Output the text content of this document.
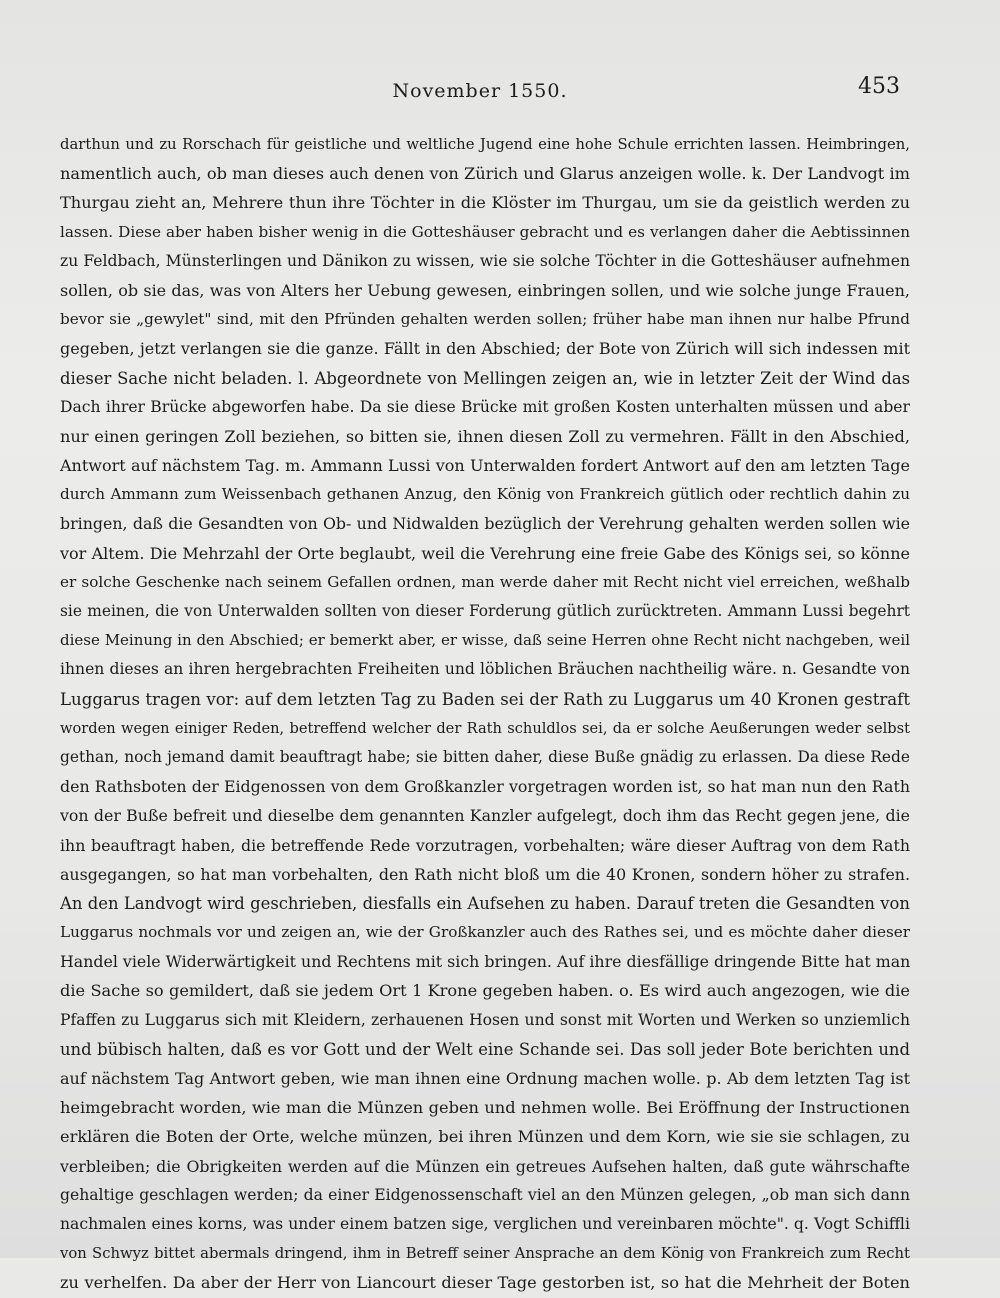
November 1550.	453
darthun und zu Rorschach für geistliche und weltliche Jugend eine hohe Schule errichten lassen. Heimbringen,
namentlich auch, ob man dieses auch denen von Zürich und Glarus anzeigen wolle. k. Der Landvogt im
Thurgau zieht an, Mehrere thun ihre Töchter in die Klöster im Thurgau, um sie da geistlich werden zu
lassen. Diese aber haben bisher wenig in die Gotteshäuser gebracht und es verlangen daher die Aebtissinnen
zu Feldbach, Münsterlingen und Dänikon zu wissen, wie sie solche Töchter in die Gotteshäuser aufnehmen
sollen, ob sie das, was von Alters her Uebung gewesen, einbringen sollen, und wie solche junge Frauen,
bevor sie „gewylet" sind, mit den Pfründen gehalten werden sollen; früher habe man ihnen nur halbe Pfrund
gegeben, jetzt verlangen sie die ganze. Fällt in den Abschied; der Bote von Zürich will sich indessen mit
dieser Sache nicht beladen. l. Abgeordnete von Mellingen zeigen an, wie in letzter Zeit der Wind das
Dach ihrer Brücke abgeworfen habe. Da sie diese Brücke mit großen Kosten unterhalten müssen und aber
nur einen geringen Zoll beziehen, so bitten sie, ihnen diesen Zoll zu vermehren. Fällt in den Abschied,
Antwort auf nächstem Tag. m. Ammann Lussi von Unterwalden fordert Antwort auf den am letzten Tage
durch Ammann zum Weissenbach gethanen Anzug, den König von Frankreich gütlich oder rechtlich dahin zu
bringen, daß die Gesandten von Ob- und Nidwalden bezüglich der Verehrung gehalten werden sollen wie
vor Altem. Die Mehrzahl der Orte beglaubt, weil die Verehrung eine freie Gabe des Königs sei, so könne
er solche Geschenke nach seinem Gefallen ordnen, man werde daher mit Recht nicht viel erreichen, weßhalb
sie meinen, die von Unterwalden sollten von dieser Forderung gütlich zurücktreten. Ammann Lussi begehrt
diese Meinung in den Abschied; er bemerkt aber, er wisse, daß seine Herren ohne Recht nicht nachgeben, weil
ihnen dieses an ihren hergebrachten Freiheiten und löblichen Bräuchen nachtheilig wäre. n. Gesandte von
Luggarus tragen vor: auf dem letzten Tag zu Baden sei der Rath zu Luggarus um 40 Kronen gestraft
worden wegen einiger Reden, betreffend welcher der Rath schuldlos sei, da er solche Aeußerungen weder selbst
gethan, noch jemand damit beauftragt habe; sie bitten daher, diese Buße gnädig zu erlassen. Da diese Rede
den Rathsboten der Eidgenossen von dem Großkanzler vorgetragen worden ist, so hat man nun den Rath
von der Buße befreit und dieselbe dem genannten Kanzler aufgelegt, doch ihm das Recht gegen jene, die
ihn beauftragt haben, die betreffende Rede vorzutragen, vorbehalten; wäre dieser Auftrag von dem Rath
ausgegangen, so hat man vorbehalten, den Rath nicht bloß um die 40 Kronen, sondern höher zu strafen.
An den Landvogt wird geschrieben, diesfalls ein Aufsehen zu haben. Darauf treten die Gesandten von
Luggarus nochmals vor und zeigen an, wie der Großkanzler auch des Rathes sei, und es möchte daher dieser
Handel viele Widerwärtigkeit und Rechtens mit sich bringen. Auf ihre diesfällige dringende Bitte hat man
die Sache so gemildert, daß sie jedem Ort 1 Krone gegeben haben. o. Es wird auch angezogen, wie die
Pfaffen zu Luggarus sich mit Kleidern, zerhauenen Hosen und sonst mit Worten und Werken so unziemlich
und bübisch halten, daß es vor Gott und der Welt eine Schande sei. Das soll jeder Bote berichten und
auf nächstem Tag Antwort geben, wie man ihnen eine Ordnung machen wolle. p. Ab dem letzten Tag ist
heimgebracht worden, wie man die Münzen geben und nehmen wolle. Bei Eröffnung der Instructionen
erklären die Boten der Orte, welche münzen, bei ihren Münzen und dem Korn, wie sie sie schlagen, zu
verbleiben; die Obrigkeiten werden auf die Münzen ein getreues Aufsehen halten, daß gute währschafte
gehaltige geschlagen werden; da einer Eidgenossenschaft viel an den Münzen gelegen, „ob man sich dann
nachmalen eines korns, was under einem batzen sige, verglichen und vereinbaren möchte". q. Vogt Schiffli
von Schwyz bittet abermals dringend, ihm in Betreff seiner Ansprache an dem König von Frankreich zum Recht
zu verhelfen. Da aber der Herr von Liancourt dieser Tage gestorben ist, so hat die Mehrheit der Boten
